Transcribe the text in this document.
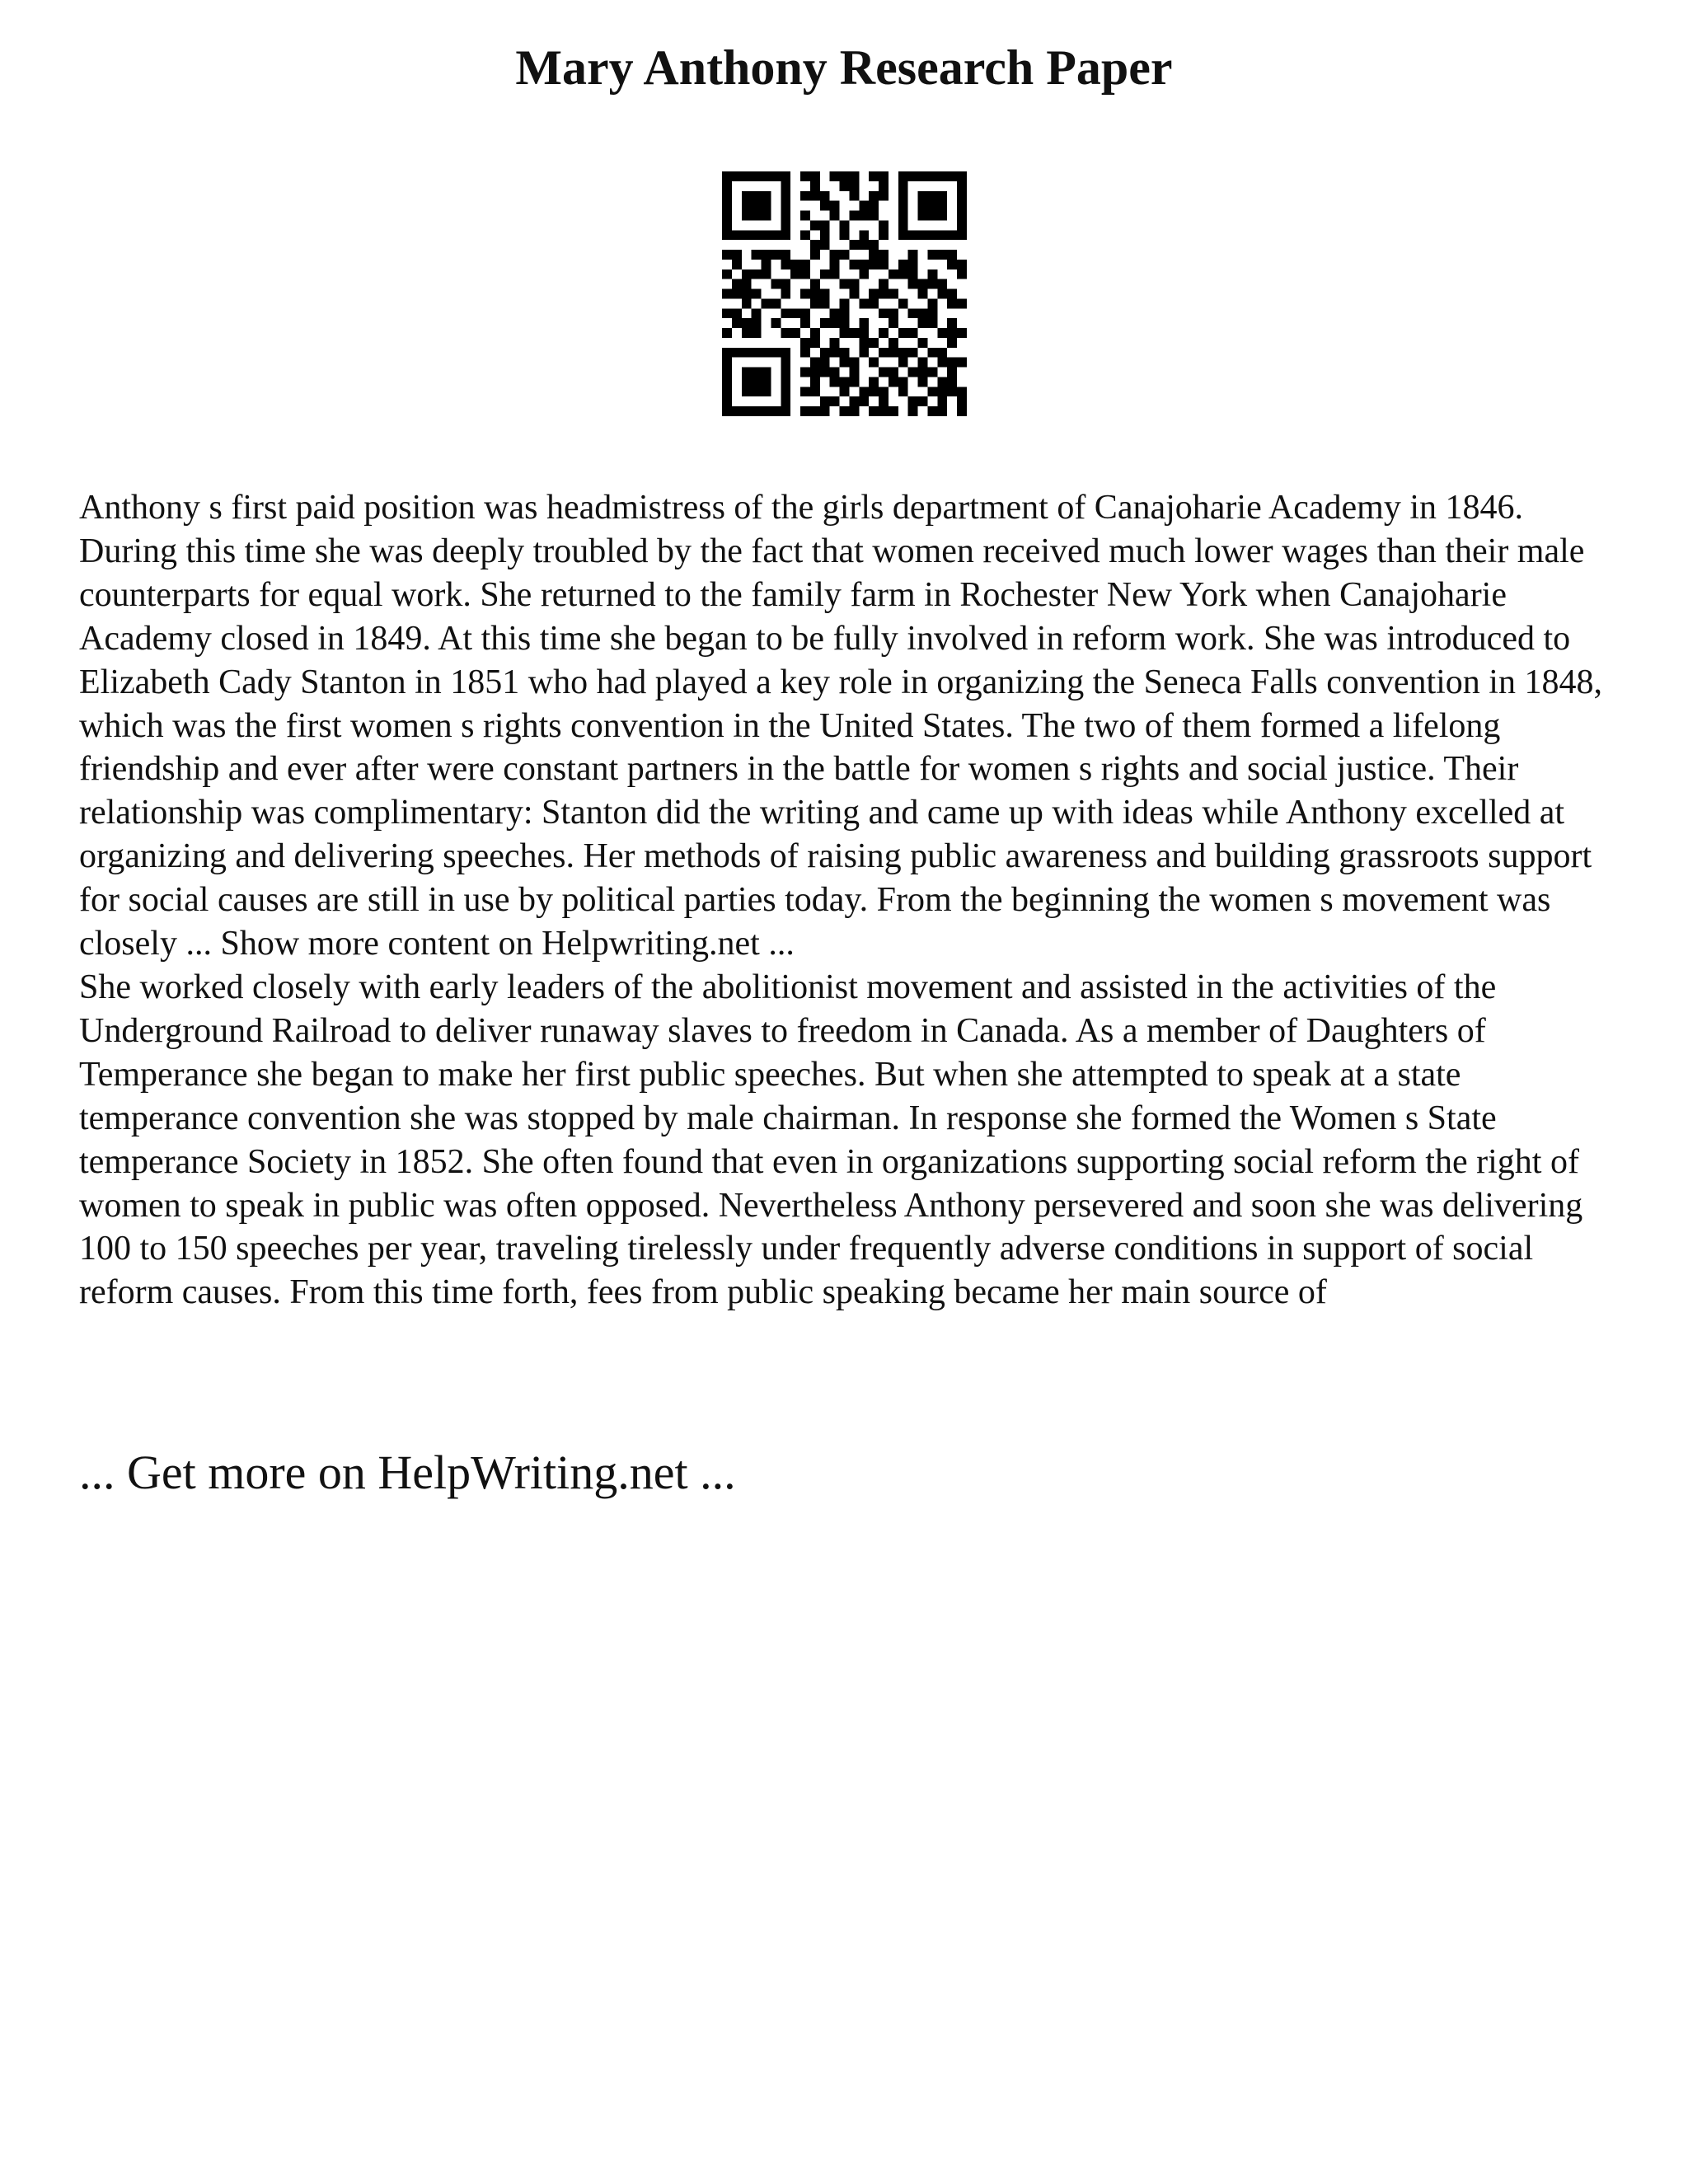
Mary Anthony Research Paper

Anthony s first paid position was headmistress of the girls department of Canajoharie Academy in 1846. During this time she was deeply troubled by the fact that women received much lower wages than their male counterparts for equal work. She returned to the family farm in Rochester New York when Canajoharie Academy closed in 1849. At this time she began to be fully involved in reform work. She was introduced to Elizabeth Cady Stanton in 1851 who had played a key role in organizing the Seneca Falls convention in 1848, which was the first women s rights convention in the United States. The two of them formed a lifelong friendship and ever after were constant partners in the battle for women s rights and social justice. Their relationship was complimentary: Stanton did the writing and came up with ideas while Anthony excelled at organizing and delivering speeches. Her methods of raising public awareness and building grassroots support for social causes are still in use by political parties today. From the beginning the women s movement was closely ... Show more content on Helpwriting.net ...

She worked closely with early leaders of the abolitionist movement and assisted in the activities of the Underground Railroad to deliver runaway slaves to freedom in Canada. As a member of Daughters of Temperance she began to make her first public speeches. But when she attempted to speak at a state temperance convention she was stopped by male chairman. In response she formed the Women s State temperance Society in 1852. She often found that even in organizations supporting social reform the right of women to speak in public was often opposed. Nevertheless Anthony persevered and soon she was delivering 100 to 150 speeches per year, traveling tirelessly under frequently adverse conditions in support of social reform causes. From this time forth, fees from public speaking became her main source of

... Get more on HelpWriting.net ...
